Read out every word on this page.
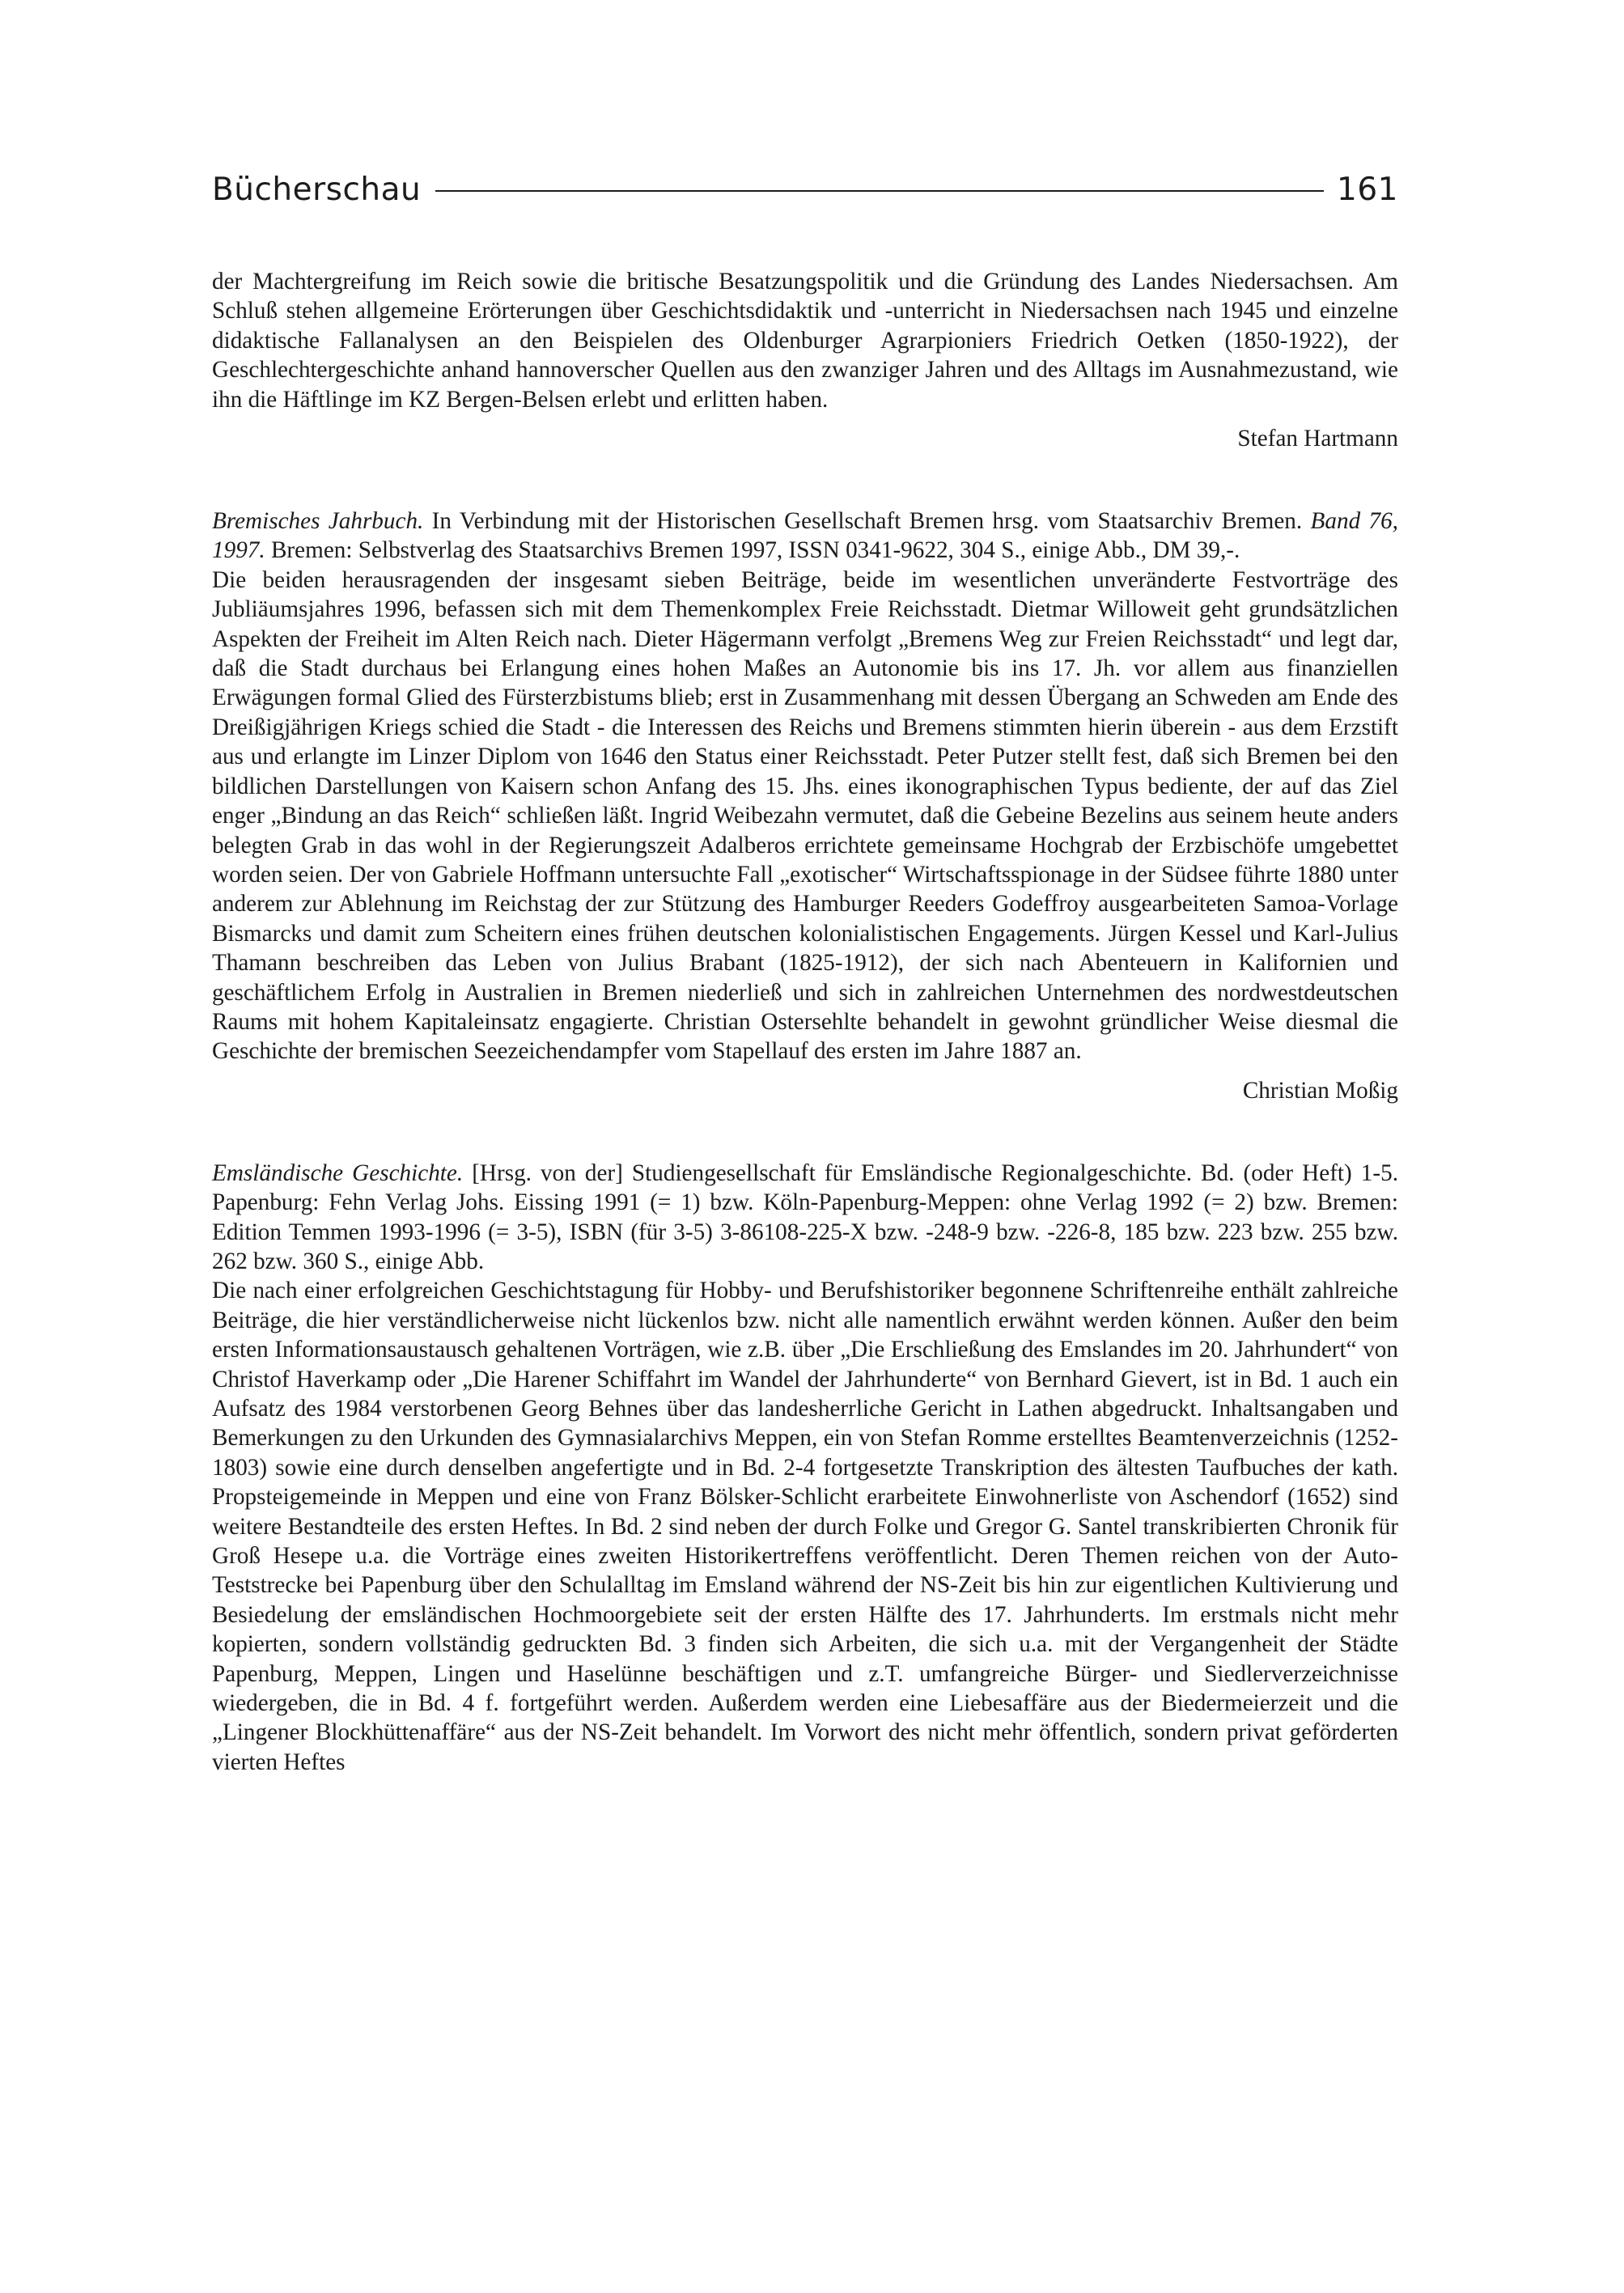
Bücherschau	161

der Machtergreifung im Reich sowie die britische Besatzungspolitik und die Gründung des Landes Niedersachsen. Am Schluß stehen allgemeine Erörterungen über Geschichtsdidaktik und -unterricht in Niedersachsen nach 1945 und einzelne didaktische Fallanalysen an den Beispielen des Oldenburger Agrarpioniers Friedrich Oetken (1850-1922), der Geschlechtergeschichte anhand hannoverscher Quellen aus den zwanziger Jahren und des Alltags im Ausnahmezustand, wie ihn die Häftlinge im KZ Bergen-Belsen erlebt und erlitten haben.

Stefan Hartmann

Bremisches Jahrbuch. In Verbindung mit der Historischen Gesellschaft Bremen hrsg. vom Staatsarchiv Bremen. Band 76, 1997. Bremen: Selbstverlag des Staatsarchivs Bremen 1997, ISSN 0341-9622, 304 S., einige Abb., DM 39,-.

Die beiden herausragenden der insgesamt sieben Beiträge, beide im wesentlichen unveränderte Festvorträge des Jubliäumsjahres 1996, befassen sich mit dem Themenkomplex Freie Reichsstadt. Dietmar Willoweit geht grundsätzlichen Aspekten der Freiheit im Alten Reich nach. Dieter Hägermann verfolgt „Bremens Weg zur Freien Reichsstadt“ und legt dar, daß die Stadt durchaus bei Erlangung eines hohen Maßes an Autonomie bis ins 17. Jh. vor allem aus finanziellen Erwägungen formal Glied des Fürsterzbistums blieb; erst in Zusammenhang mit dessen Übergang an Schweden am Ende des Dreißigjährigen Kriegs schied die Stadt - die Interessen des Reichs und Bremens stimmten hierin überein - aus dem Erzstift aus und erlangte im Linzer Diplom von 1646 den Status einer Reichsstadt. Peter Putzer stellt fest, daß sich Bremen bei den bildlichen Darstellungen von Kaisern schon Anfang des 15. Jhs. eines ikonographischen Typus bediente, der auf das Ziel enger „Bindung an das Reich“ schließen läßt. Ingrid Weibezahn vermutet, daß die Gebeine Bezelins aus seinem heute anders belegten Grab in das wohl in der Regierungszeit Adalberos errichtete gemeinsame Hochgrab der Erzbischöfe umgebettet worden seien. Der von Gabriele Hoffmann untersuchte Fall „exotischer“ Wirtschaftsspionage in der Südsee führte 1880 unter anderem zur Ablehnung im Reichstag der zur Stützung des Hamburger Reeders Godeffroy ausgearbeiteten Samoa-Vorlage Bismarcks und damit zum Scheitern eines frühen deutschen kolonialistischen Engagements. Jürgen Kessel und Karl-Julius Thamann beschreiben das Leben von Julius Brabant (1825-1912), der sich nach Abenteuern in Kalifornien und geschäftlichem Erfolg in Australien in Bremen niederließ und sich in zahlreichen Unternehmen des nordwestdeutschen Raums mit hohem Kapitaleinsatz engagierte. Christian Ostersehlte behandelt in gewohnt gründlicher Weise diesmal die Geschichte der bremischen Seezeichendampfer vom Stapellauf des ersten im Jahre 1887 an.

Christian Moßig

Emsländische Geschichte. [Hrsg. von der] Studiengesellschaft für Emsländische Regionalgeschichte. Bd. (oder Heft) 1-5. Papenburg: Fehn Verlag Johs. Eissing 1991 (= 1) bzw. Köln-Papenburg-Meppen: ohne Verlag 1992 (= 2) bzw. Bremen: Edition Temmen 1993-1996 (= 3-5), ISBN (für 3-5) 3-86108-225-X bzw. -248-9 bzw. -226-8, 185 bzw. 223 bzw. 255 bzw. 262 bzw. 360 S., einige Abb.

Die nach einer erfolgreichen Geschichtstagung für Hobby- und Berufshistoriker begonnene Schriftenreihe enthält zahlreiche Beiträge, die hier verständlicherweise nicht lückenlos bzw. nicht alle namentlich erwähnt werden können. Außer den beim ersten Informationsaustausch gehaltenen Vorträgen, wie z.B. über „Die Erschließung des Emslandes im 20. Jahrhundert“ von Christof Haverkamp oder „Die Harener Schiffahrt im Wandel der Jahrhunderte“ von Bernhard Gievert, ist in Bd. 1 auch ein Aufsatz des 1984 verstorbenen Georg Behnes über das landesherrliche Gericht in Lathen abgedruckt. Inhaltsangaben und Bemerkungen zu den Urkunden des Gymnasialarchivs Meppen, ein von Stefan Romme erstelltes Beamtenverzeichnis (1252-1803) sowie eine durch denselben angefertigte und in Bd. 2-4 fortgesetzte Transkription des ältesten Taufbuches der kath. Propsteigemeinde in Meppen und eine von Franz Bölsker-Schlicht erarbeitete Einwohnerliste von Aschendorf (1652) sind weitere Bestandteile des ersten Heftes. In Bd. 2 sind neben der durch Folke und Gregor G. Santel transkribierten Chronik für Groß Hesepe u.a. die Vorträge eines zweiten Historikertreffens veröffentlicht. Deren Themen reichen von der Auto-Teststrecke bei Papenburg über den Schulalltag im Emsland während der NS-Zeit bis hin zur eigentlichen Kultivierung und Besiedelung der emsländischen Hochmoorgebiete seit der ersten Hälfte des 17. Jahrhunderts. Im erstmals nicht mehr kopierten, sondern vollständig gedruckten Bd. 3 finden sich Arbeiten, die sich u.a. mit der Vergangenheit der Städte Papenburg, Meppen, Lingen und Haselünne beschäftigen und z.T. umfangreiche Bürger- und Siedlerverzeichnisse wiedergeben, die in Bd. 4 f. fortgeführt werden. Außerdem werden eine Liebesaffäre aus der Biedermeierzeit und die „Lingener Blockhüttenaffäre“ aus der NS-Zeit behandelt. Im Vorwort des nicht mehr öffentlich, sondern privat geförderten vierten Heftes
